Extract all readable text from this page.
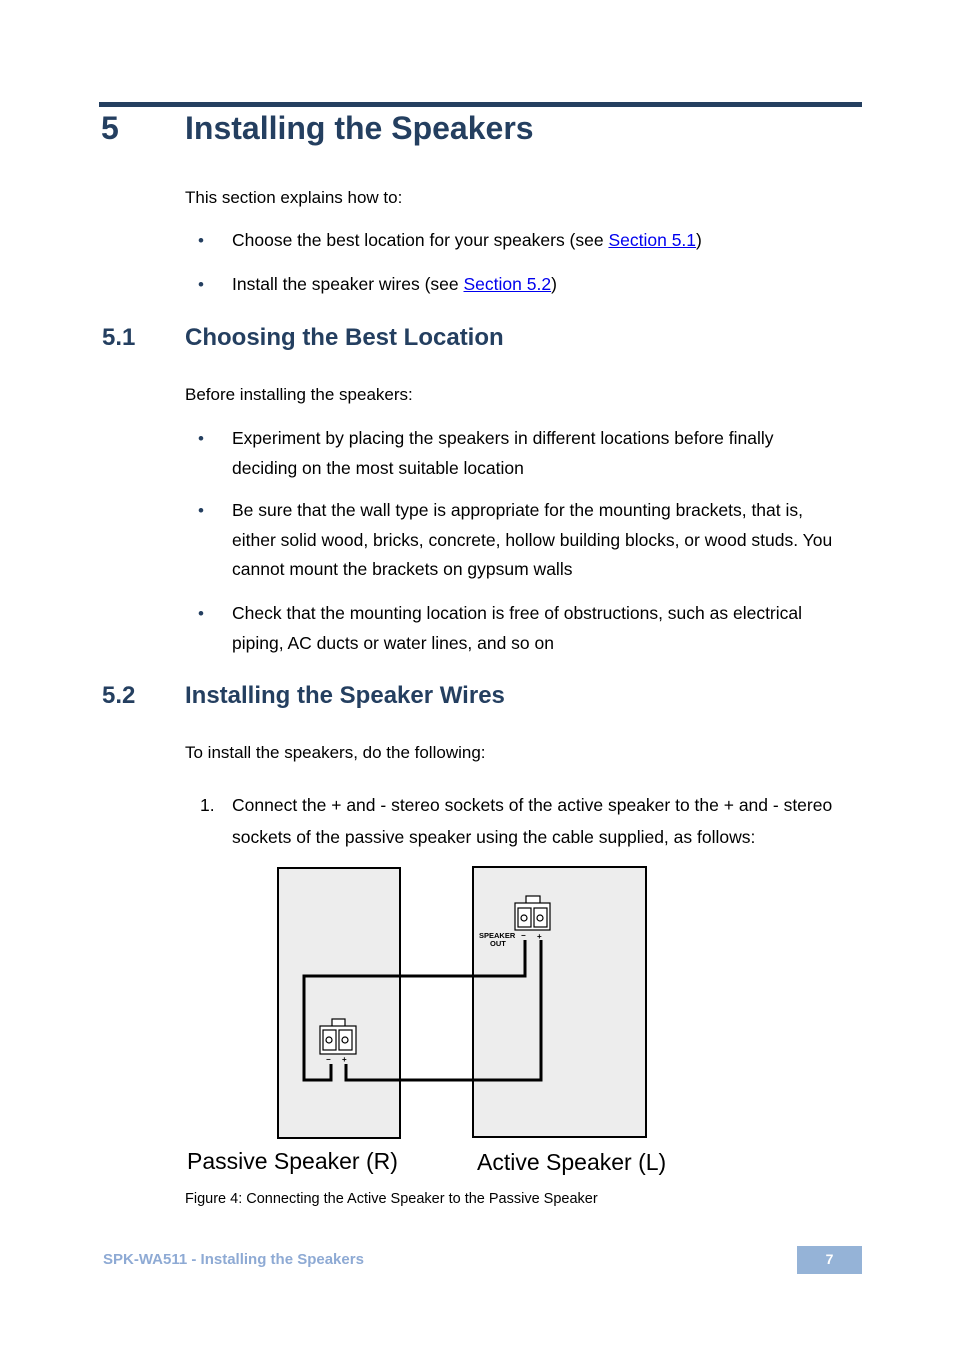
5 Installing the Speakers
This section explains how to:
• Choose the best location for your speakers (see Section 5.1)
• Install the speaker wires (see Section 5.2)
5.1 Choosing the Best Location
Before installing the speakers:
• Experiment by placing the speakers in different locations before finally deciding on the most suitable location
• Be sure that the wall type is appropriate for the mounting brackets, that is, either solid wood, bricks, concrete, hollow building blocks, or wood studs. You cannot mount the brackets on gypsum walls
• Check that the mounting location is free of obstructions, such as electrical piping, AC ducts or water lines, and so on
5.2 Installing the Speaker Wires
To install the speakers, do the following:
1. Connect the + and - stereo sockets of the active speaker to the + and - stereo sockets of the passive speaker using the cable supplied, as follows:
SPEAKER
OUT
− +
− +
Passive Speaker (R)	Active Speaker (L)
Figure 4: Connecting the Active Speaker to the Passive Speaker
SPK-WA511 - Installing the Speakers	7
